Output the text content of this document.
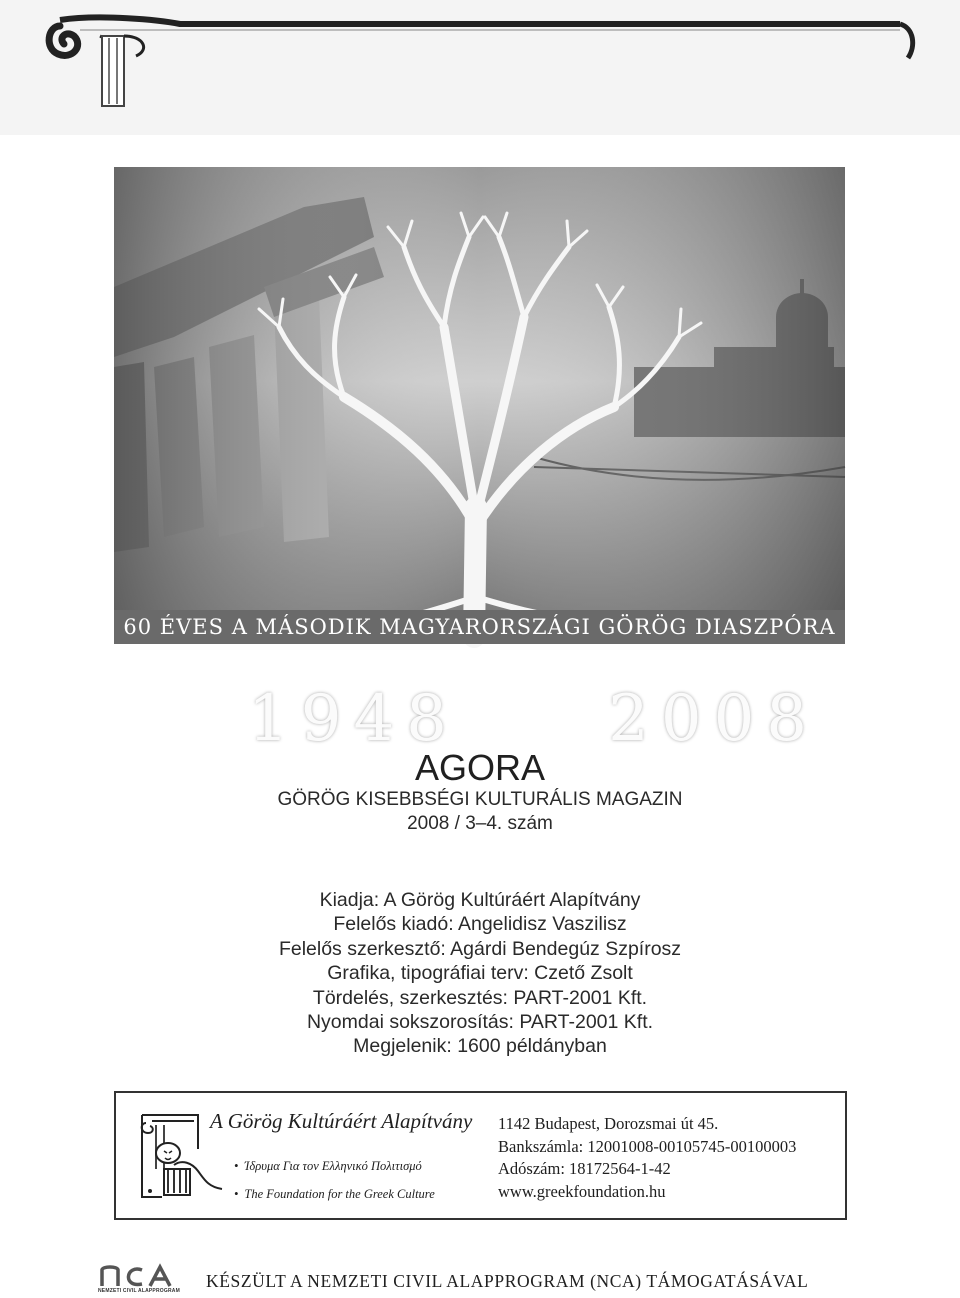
1948 2008
60 ÉVES A MÁSODIK MAGYARORSZÁGI GÖRÖG DIASZPÓRA
AGORA
GÖRÖG KISEBBSÉGI KULTURÁLIS MAGAZIN
2008 / 3–4. szám
Kiadja: A Görög Kultúráért Alapítvány
Felelős kiadó: Angelidisz Vaszilisz
Felelős szerkesztő: Agárdi Bendegúz Szpírosz
Grafika, tipográfiai terv: Czető Zsolt
Tördelés, szerkesztés: PART-2001 Kft.
Nyomdai sokszorosítás: PART-2001 Kft.
Megjelenik: 1600 példányban
A Görög Kultúráért Alapítvány
• Ίδρυμα Για τον Ελληνικό Πολιτισμό
• The Foundation for the Greek Culture
1142 Budapest, Dorozsmai út 45.
Bankszámla: 12001008-00105745-00100003
Adószám: 18172564-1-42
www.greekfoundation.hu
NEMZETI CIVIL ALAPPROGRAM KÉSZÜLT A NEMZETI CIVIL ALAPPROGRAM (NCA) TÁMOGATÁSÁVAL
